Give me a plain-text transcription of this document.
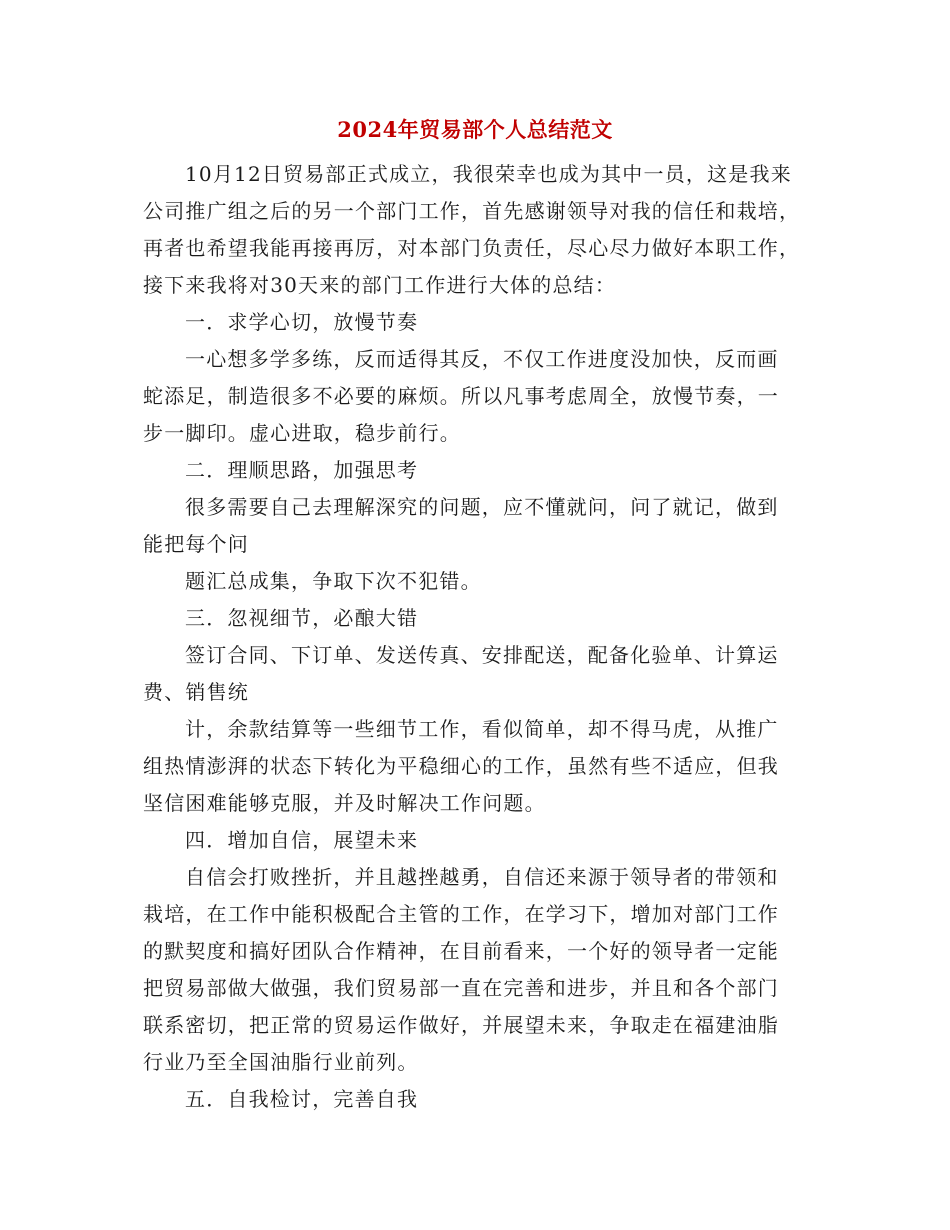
2024年贸易部个人总结范文
10月12日贸易部正式成立，我很荣幸也成为其中一员，这是我来
公司推广组之后的另一个部门工作，首先感谢领导对我的信任和栽培，
再者也希望我能再接再厉，对本部门负责任，尽心尽力做好本职工作，
接下来我将对30天来的部门工作进行大体的总结：
一．求学心切，放慢节奏
一心想多学多练，反而适得其反，不仅工作进度没加快，反而画
蛇添足，制造很多不必要的麻烦。所以凡事考虑周全，放慢节奏，一
步一脚印。虚心进取，稳步前行。
二．理顺思路，加强思考
很多需要自己去理解深究的问题，应不懂就问，问了就记，做到
能把每个问
题汇总成集，争取下次不犯错。
三．忽视细节，必酿大错
签订合同、下订单、发送传真、安排配送，配备化验单、计算运
费、销售统
计，余款结算等一些细节工作，看似简单，却不得马虎，从推广
组热情澎湃的状态下转化为平稳细心的工作，虽然有些不适应，但我
坚信困难能够克服，并及时解决工作问题。
四．增加自信，展望未来
自信会打败挫折，并且越挫越勇，自信还来源于领导者的带领和
栽培，在工作中能积极配合主管的工作，在学习下，增加对部门工作
的默契度和搞好团队合作精神，在目前看来，一个好的领导者一定能
把贸易部做大做强，我们贸易部一直在完善和进步，并且和各个部门
联系密切，把正常的贸易运作做好，并展望未来，争取走在福建油脂
行业乃至全国油脂行业前列。
五．自我检讨，完善自我
